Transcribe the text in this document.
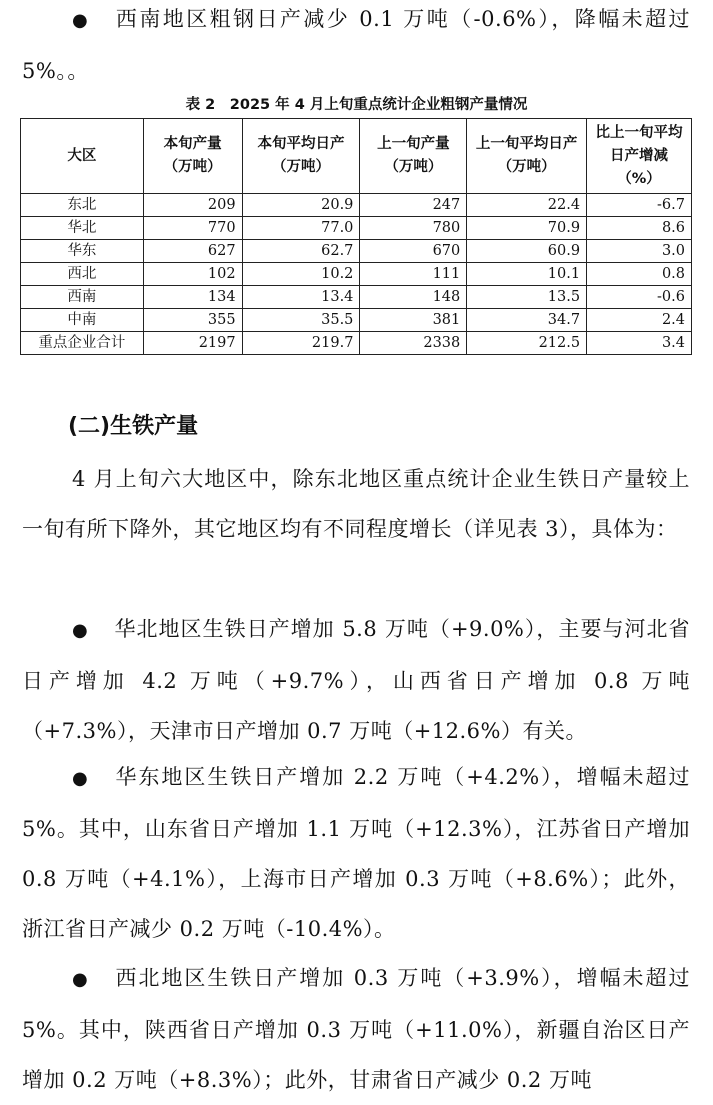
● 西南地区粗钢日产减少 0.1 万吨（-0.6%），降幅未超过 5%。。

表 2　2025 年 4 月上旬重点统计企业粗钢产量情况
大区	本旬产量（万吨）	本旬平均日产（万吨）	上一旬产量（万吨）	上一旬平均日产（万吨）	比上一旬平均日产增减（%）
东北	209	20.9	247	22.4	-6.7
华北	770	77.0	780	70.9	8.6
华东	627	62.7	670	60.9	3.0
西北	102	10.2	111	10.1	0.8
西南	134	13.4	148	13.5	-0.6
中南	355	35.5	381	34.7	2.4
重点企业合计	2197	219.7	2338	212.5	3.4
(二)生铁产量

4 月上旬六大地区中，除东北地区重点统计企业生铁日产量较上一旬有所下降外，其它地区均有不同程度增长（详见表 3），具体为：

● 华北地区生铁日产增加 5.8 万吨（+9.0%），主要与河北省日产增加 4.2 万吨（+9.7%），山西省日产增加 0.8 万吨（+7.3%），天津市日产增加 0.7 万吨（+12.6%）有关。

● 华东地区生铁日产增加 2.2 万吨（+4.2%），增幅未超过 5%。其中，山东省日产增加 1.1 万吨（+12.3%），江苏省日产增加 0.8 万吨（+4.1%），上海市日产增加 0.3 万吨（+8.6%）；此外，浙江省日产减少 0.2 万吨（-10.4%）。

● 西北地区生铁日产增加 0.3 万吨（+3.9%），增幅未超过 5%。其中，陕西省日产增加 0.3 万吨（+11.0%），新疆自治区日产增加 0.2 万吨（+8.3%）；此外，甘肃省日产减少 0.2 万吨
